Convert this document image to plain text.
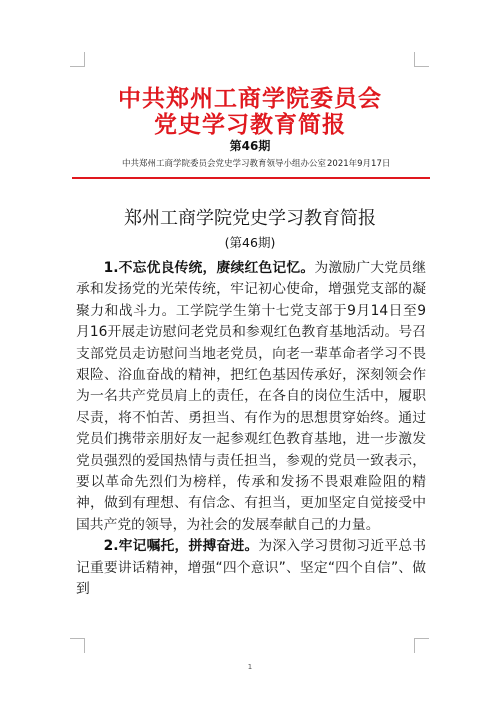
中共郑州工商学院委员会
党史学习教育简报
第46期
中共郑州工商学院委员会党史学习教育领导小组办公室 2021年9月17日
郑州工商学院党史学习教育简报
(第46期)

1.不忘优良传统，赓续红色记忆。为激励广大党员继承和发扬党的光荣传统，牢记初心使命，增强党支部的凝聚力和战斗力。工学院学生第十七党支部于9月14日至9月16开展走访慰问老党员和参观红色教育基地活动。号召支部党员走访慰问当地老党员，向老一辈革命者学习不畏艰险、浴血奋战的精神，把红色基因传承好，深刻领会作为一名共产党员肩上的责任，在各自的岗位生活中，履职尽责，将不怕苦、勇担当、有作为的思想贯穿始终。通过党员们携带亲朋好友一起参观红色教育基地，进一步激发党员强烈的爱国热情与责任担当，参观的党员一致表示，要以革命先烈们为榜样，传承和发扬不畏艰难险阻的精神，做到有理想、有信念、有担当，更加坚定自觉接受中国共产党的领导，为社会的发展奉献自己的力量。

2.牢记嘱托，拼搏奋进。为深入学习贯彻习近平总书记重要讲话精神，增强“四个意识”、坚定“四个自信”、做到

1
